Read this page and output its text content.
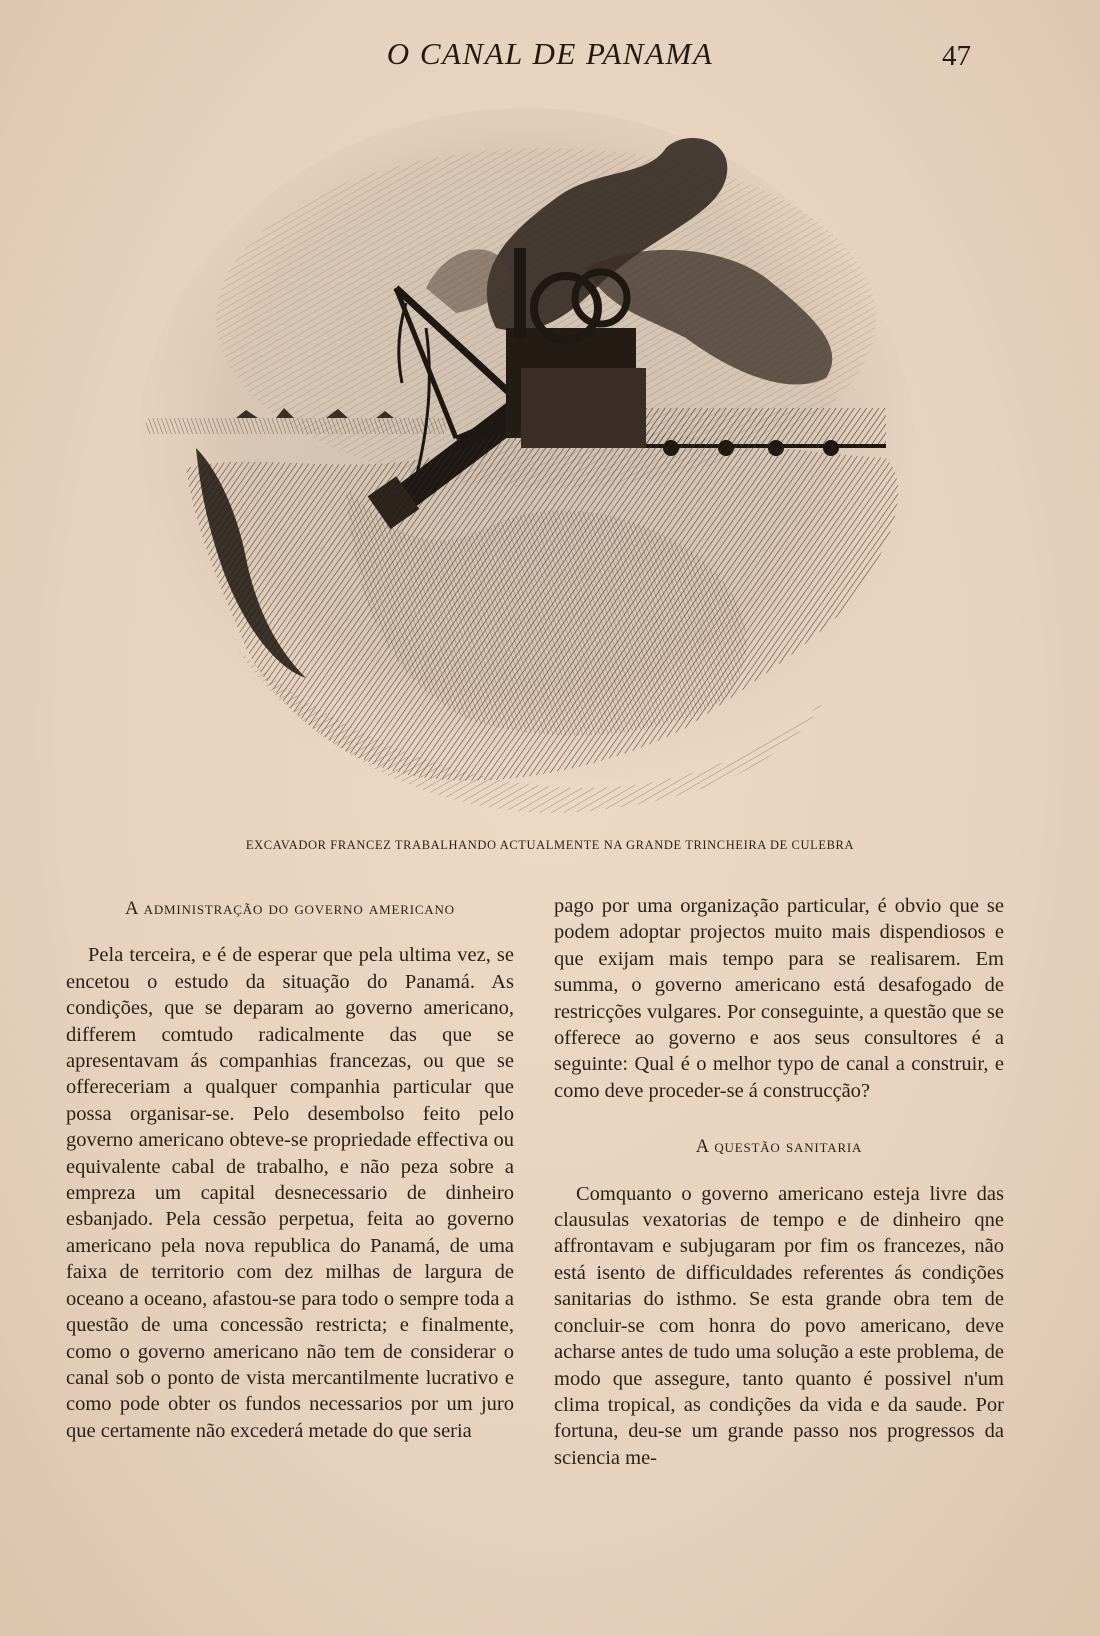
O CANAL DE PANAMA	47
EXCAVADOR FRANCEZ TRABALHANDO ACTUALMENTE NA GRANDE TRINCHEIRA DE CULEBRA
A administração do governo americano

Pela terceira, e é de esperar que pela ultima vez, se encetou o estudo da situação do Panamá. As condições, que se deparam ao governo americano, differem comtudo radicalmente das que se apresentavam ás companhias francezas, ou que se offereceriam a qualquer companhia particular que possa organisar-se. Pelo desembolso feito pelo governo americano obteve-se propriedade effectiva ou equivalente cabal de trabalho, e não peza sobre a empreza um capital desnecessario de dinheiro esbanjado. Pela cessão perpetua, feita ao governo americano pela nova republica do Panamá, de uma faixa de territorio com dez milhas de largura de oceano a oceano, afastou-se para todo o sempre toda a questão de uma concessão restricta; e finalmente, como o governo americano não tem de considerar o canal sob o ponto de vista mercantilmente lucrativo e como pode obter os fundos necessarios por um juro que certamente não excederá metade do que seria

pago por uma organização particular, é obvio que se podem adoptar projectos muito mais dispendiosos e que exijam mais tempo para se realisarem. Em summa, o governo americano está desafogado de restricções vulgares. Por conseguinte, a questão que se offerece ao governo e aos seus consultores é a seguinte: Qual é o melhor typo de canal a construir, e como deve proceder-se á construcção?

A questão sanitaria

Comquanto o governo americano esteja livre das clausulas vexatorias de tempo e de dinheiro qne affrontavam e subjugaram por fim os francezes, não está isento de difficuldades referentes ás condições sanitarias do isthmo. Se esta grande obra tem de concluir-se com honra do povo americano, deve acharse antes de tudo uma solução a este problema, de modo que assegure, tanto quanto é possivel n'um clima tropical, as condições da vida e da saude. Por fortuna, deu-se um grande passo nos progressos da sciencia me-
